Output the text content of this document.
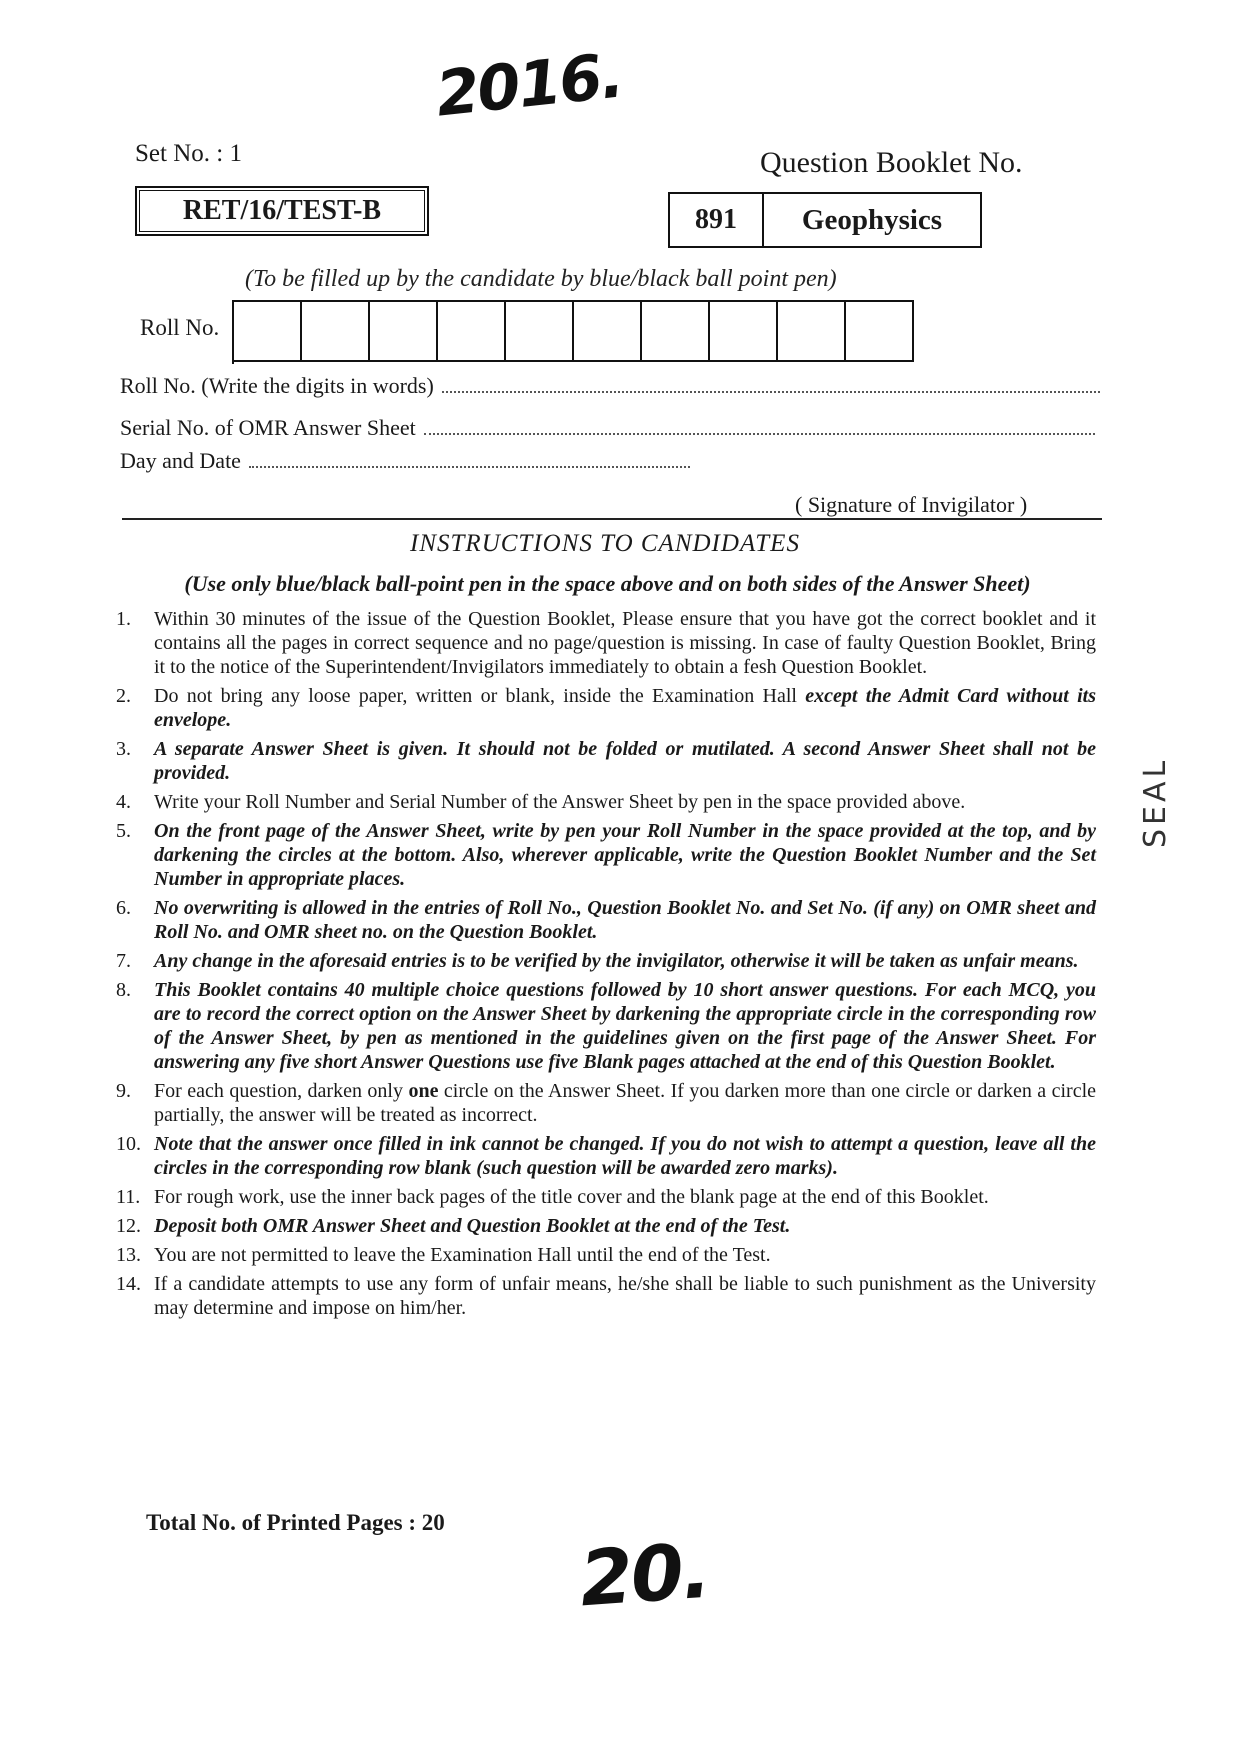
2016.
Set No. : 1
RET/16/TEST-B
Question Booklet No.
891	Geophysics
(To be filled up by the candidate by blue/black ball point pen)
Roll No.
Roll No. (Write the digits in words)
Serial No. of OMR Answer Sheet
Day and Date
( Signature of Invigilator )
INSTRUCTIONS TO CANDIDATES
(Use only blue/black ball-point pen in the space above and on both sides of the Answer Sheet)
1.	Within 30 minutes of the issue of the Question Booklet, Please ensure that you have got the correct booklet and it contains all the pages in correct sequence and no page/question is missing. In case of faulty Question Booklet, Bring it to the notice of the Superintendent/Invigilators immediately to obtain a fesh Question Booklet.
2.	Do not bring any loose paper, written or blank, inside the Examination Hall except the Admit Card without its envelope.
3.	A separate Answer Sheet is given. It should not be folded or mutilated. A second Answer Sheet shall not be provided.
4.	Write your Roll Number and Serial Number of the Answer Sheet by pen in the space provided above.
5.	On the front page of the Answer Sheet, write by pen your Roll Number in the space provided at the top, and by darkening the circles at the bottom. Also, wherever applicable, write the Question Booklet Number and the Set Number in appropriate places.
6.	No overwriting is allowed in the entries of Roll No., Question Booklet No. and Set No. (if any) on OMR sheet and Roll No. and OMR sheet no. on the Question Booklet.
7.	Any change in the aforesaid entries is to be verified by the invigilator, otherwise it will be taken as unfair means.
8.	This Booklet contains 40 multiple choice questions followed by 10 short answer questions. For each MCQ, you are to record the correct option on the Answer Sheet by darkening the appropriate circle in the corresponding row of the Answer Sheet, by pen as mentioned in the guidelines given on the first page of the Answer Sheet. For answering any five short Answer Questions use five Blank pages attached at the end of this Question Booklet.
9.	For each question, darken only one circle on the Answer Sheet. If you darken more than one circle or darken a circle partially, the answer will be treated as incorrect.
10. Note that the answer once filled in ink cannot be changed. If you do not wish to attempt a question, leave all the circles in the corresponding row blank (such question will be awarded zero marks).
11. For rough work, use the inner back pages of the title cover and the blank page at the end of this Booklet.
12. Deposit both OMR Answer Sheet and Question Booklet at the end of the Test.
13. You are not permitted to leave the Examination Hall until the end of the Test.
14. If a candidate attempts to use any form of unfair means, he/she shall be liable to such punishment as the University may determine and impose on him/her.
Total No. of Printed Pages : 20
20.
SEAL
